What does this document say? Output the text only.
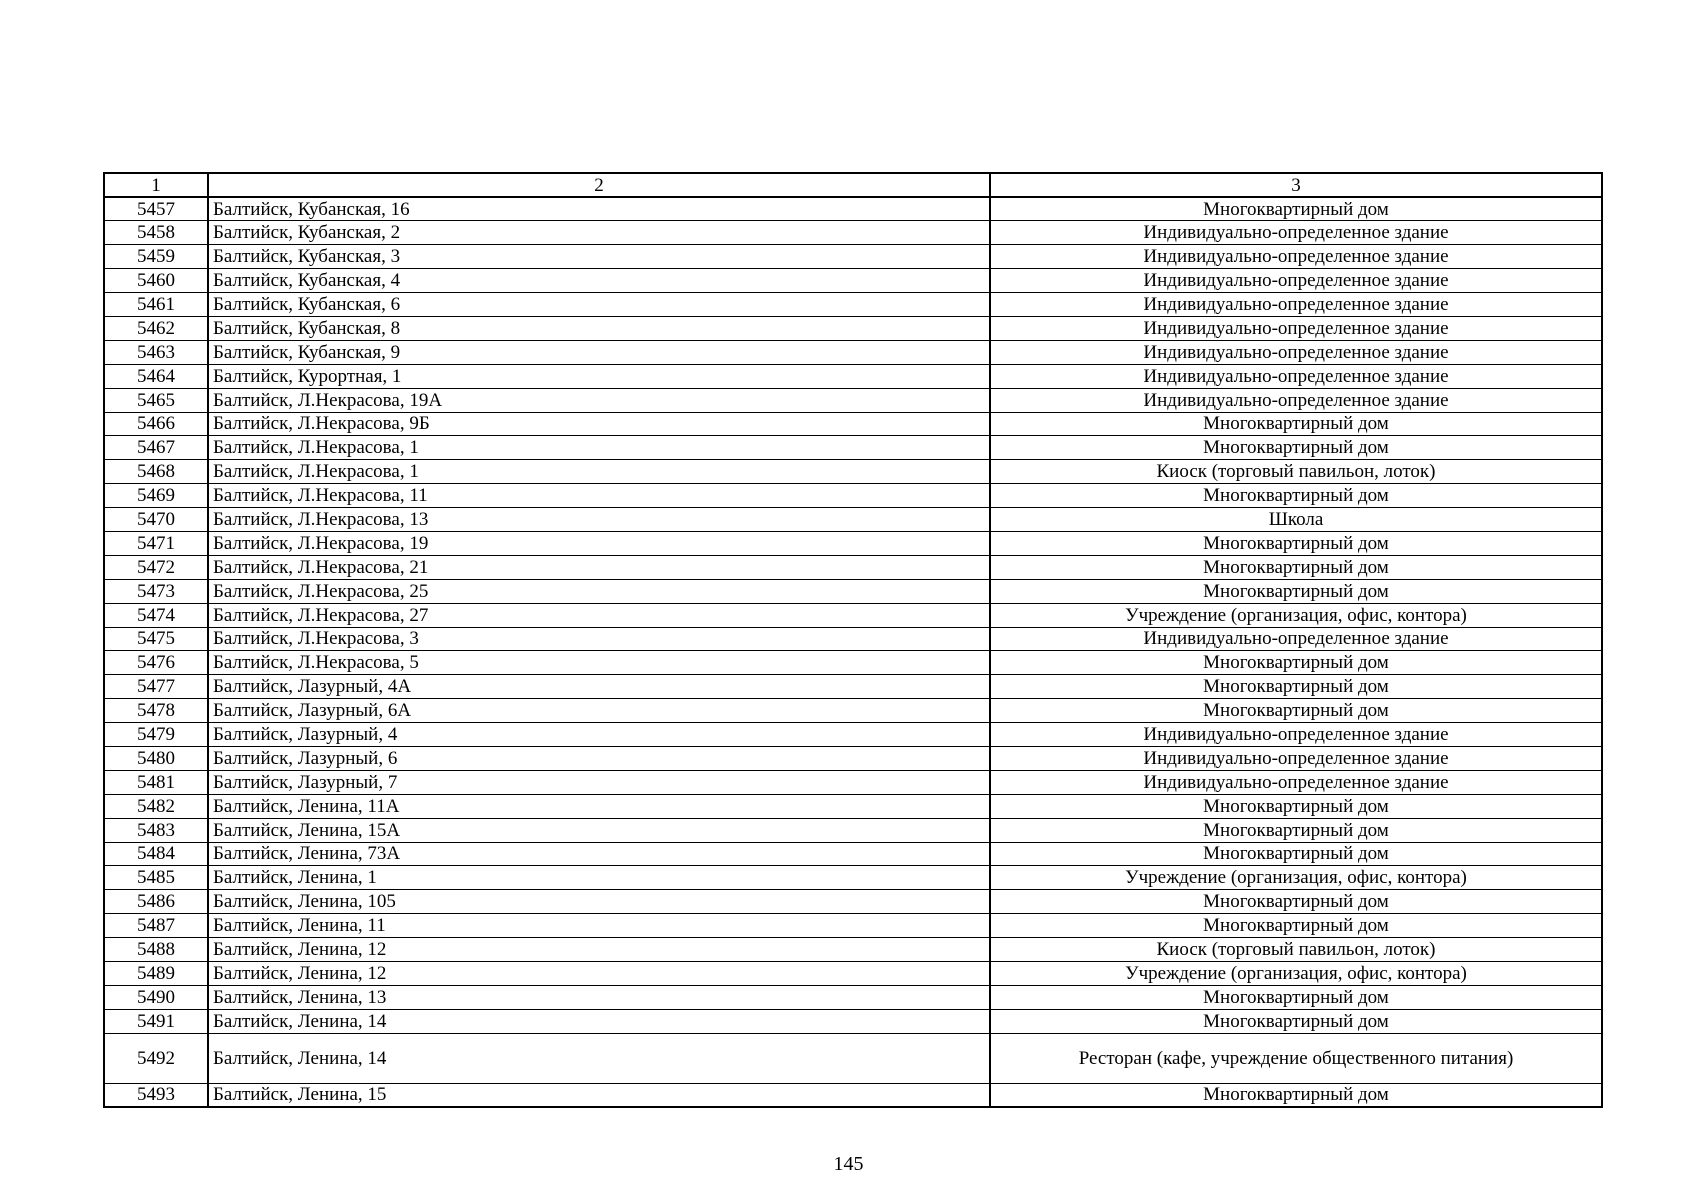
1	2	3
5457	Балтийск, Кубанская, 16	Многоквартирный дом
5458	Балтийск, Кубанская, 2	Индивидуально-определенное здание
5459	Балтийск, Кубанская, 3	Индивидуально-определенное здание
5460	Балтийск, Кубанская, 4	Индивидуально-определенное здание
5461	Балтийск, Кубанская, 6	Индивидуально-определенное здание
5462	Балтийск, Кубанская, 8	Индивидуально-определенное здание
5463	Балтийск, Кубанская, 9	Индивидуально-определенное здание
5464	Балтийск, Курортная, 1	Индивидуально-определенное здание
5465	Балтийск, Л.Некрасова, 19А	Индивидуально-определенное здание
5466	Балтийск, Л.Некрасова, 9Б	Многоквартирный дом
5467	Балтийск, Л.Некрасова, 1	Многоквартирный дом
5468	Балтийск, Л.Некрасова, 1	Киоск (торговый павильон, лоток)
5469	Балтийск, Л.Некрасова, 11	Многоквартирный дом
5470	Балтийск, Л.Некрасова, 13	Школа
5471	Балтийск, Л.Некрасова, 19	Многоквартирный дом
5472	Балтийск, Л.Некрасова, 21	Многоквартирный дом
5473	Балтийск, Л.Некрасова, 25	Многоквартирный дом
5474	Балтийск, Л.Некрасова, 27	Учреждение (организация, офис, контора)
5475	Балтийск, Л.Некрасова, 3	Индивидуально-определенное здание
5476	Балтийск, Л.Некрасова, 5	Многоквартирный дом
5477	Балтийск, Лазурный, 4А	Многоквартирный дом
5478	Балтийск, Лазурный, 6А	Многоквартирный дом
5479	Балтийск, Лазурный, 4	Индивидуально-определенное здание
5480	Балтийск, Лазурный, 6	Индивидуально-определенное здание
5481	Балтийск, Лазурный, 7	Индивидуально-определенное здание
5482	Балтийск, Ленина, 11А	Многоквартирный дом
5483	Балтийск, Ленина, 15А	Многоквартирный дом
5484	Балтийск, Ленина, 73А	Многоквартирный дом
5485	Балтийск, Ленина, 1	Учреждение (организация, офис, контора)
5486	Балтийск, Ленина, 105	Многоквартирный дом
5487	Балтийск, Ленина, 11	Многоквартирный дом
5488	Балтийск, Ленина, 12	Киоск (торговый павильон, лоток)
5489	Балтийск, Ленина, 12	Учреждение (организация, офис, контора)
5490	Балтийск, Ленина, 13	Многоквартирный дом
5491	Балтийск, Ленина, 14	Многоквартирный дом
5492	Балтийск, Ленина, 14	Ресторан (кафе, учреждение общественного питания)
5493	Балтийск, Ленина, 15	Многоквартирный дом
145
